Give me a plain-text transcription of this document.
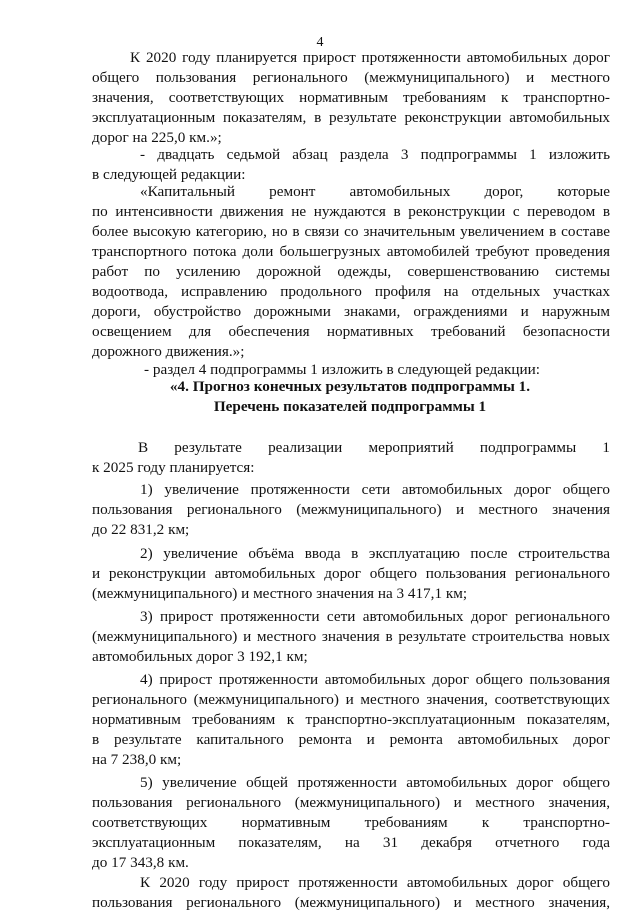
4
К 2020 году планируется прирост протяженности автомобильных дорог
общего пользования регионального (межмуниципального) и местного
значения, соответствующих нормативным требованиям к транспортно-
эксплуатационным показателям, в результате реконструкции автомобильных
дорог на 225,0 км.»;
- двадцать седьмой абзац раздела 3 подпрограммы 1 изложить
в следующей редакции:
«Капитальный ремонт автомобильных дорог, которые
по интенсивности движения не нуждаются в реконструкции с переводом в
более высокую категорию, но в связи со значительным увеличением в составе
транспортного потока доли большегрузных автомобилей требуют проведения
работ по усилению дорожной одежды, совершенствованию системы
водоотвода, исправлению продольного профиля на отдельных участках
дороги, обустройство дорожными знаками, ограждениями и наружным
освещением для обеспечения нормативных требований безопасности
дорожного движения.»;
- раздел 4 подпрограммы 1 изложить в следующей редакции:
«4. Прогноз конечных результатов подпрограммы 1.
Перечень показателей подпрограммы 1
В результате реализации мероприятий подпрограммы 1
к 2025 году планируется:
1) увеличение протяженности сети автомобильных дорог общего
пользования регионального (межмуниципального) и местного значения
до 22 831,2 км;
2) увеличение объёма ввода в эксплуатацию после строительства
и реконструкции автомобильных дорог общего пользования регионального
(межмуниципального) и местного значения на 3 417,1 км;
3) прирост протяженности сети автомобильных дорог регионального
(межмуниципального) и местного значения в результате строительства новых
автомобильных дорог 3 192,1 км;
4) прирост протяженности автомобильных дорог общего пользования
регионального (межмуниципального) и местного значения, соответствующих
нормативным требованиям к транспортно-эксплуатационным показателям,
в результате капитального ремонта и ремонта автомобильных дорог
на 7 238,0 км;
5) увеличение общей протяженности автомобильных дорог общего
пользования регионального (межмуниципального) и местного значения,
соответствующих нормативным требованиям к транспортно-
эксплуатационным показателям, на 31 декабря отчетного года
до 17 343,8 км.
К 2020 году прирост протяженности автомобильных дорог общего
пользования регионального (межмуниципального) и местного значения,
